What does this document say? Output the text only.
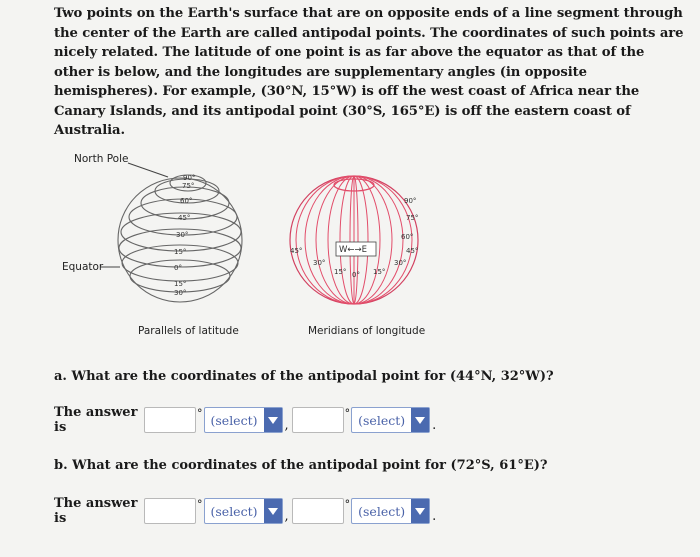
Two points on the Earth's surface that are on opposite ends of a line segment through the center of the Earth are called antipodal points. The coordinates of such points are nicely related. The latitude of one point is as far above the equator as that of the other is below, and the longitudes are supplementary angles (in opposite hemispheres). For example, (30°N, 15°W) is off the west coast of Africa near the Canary Islands, and its antipodal point (30°S, 165°E) is off the eastern coast of Australia.
90°
75°
60°
45°
30°
15°
0°
15°
30°
90°
75°
60°
45°
30°
15° 0° 15°
30°
45°
W←→E
North Pole
Equator
Parallels of latitude	Meridians of longitude
a. What are the coordinates of the antipodal point for (44°N, 32°W)?
The answer is
° (select)	,
° (select)	.
b. What are the coordinates of the antipodal point for (72°S, 61°E)?
The answer is
° (select)	,
° (select)	.
